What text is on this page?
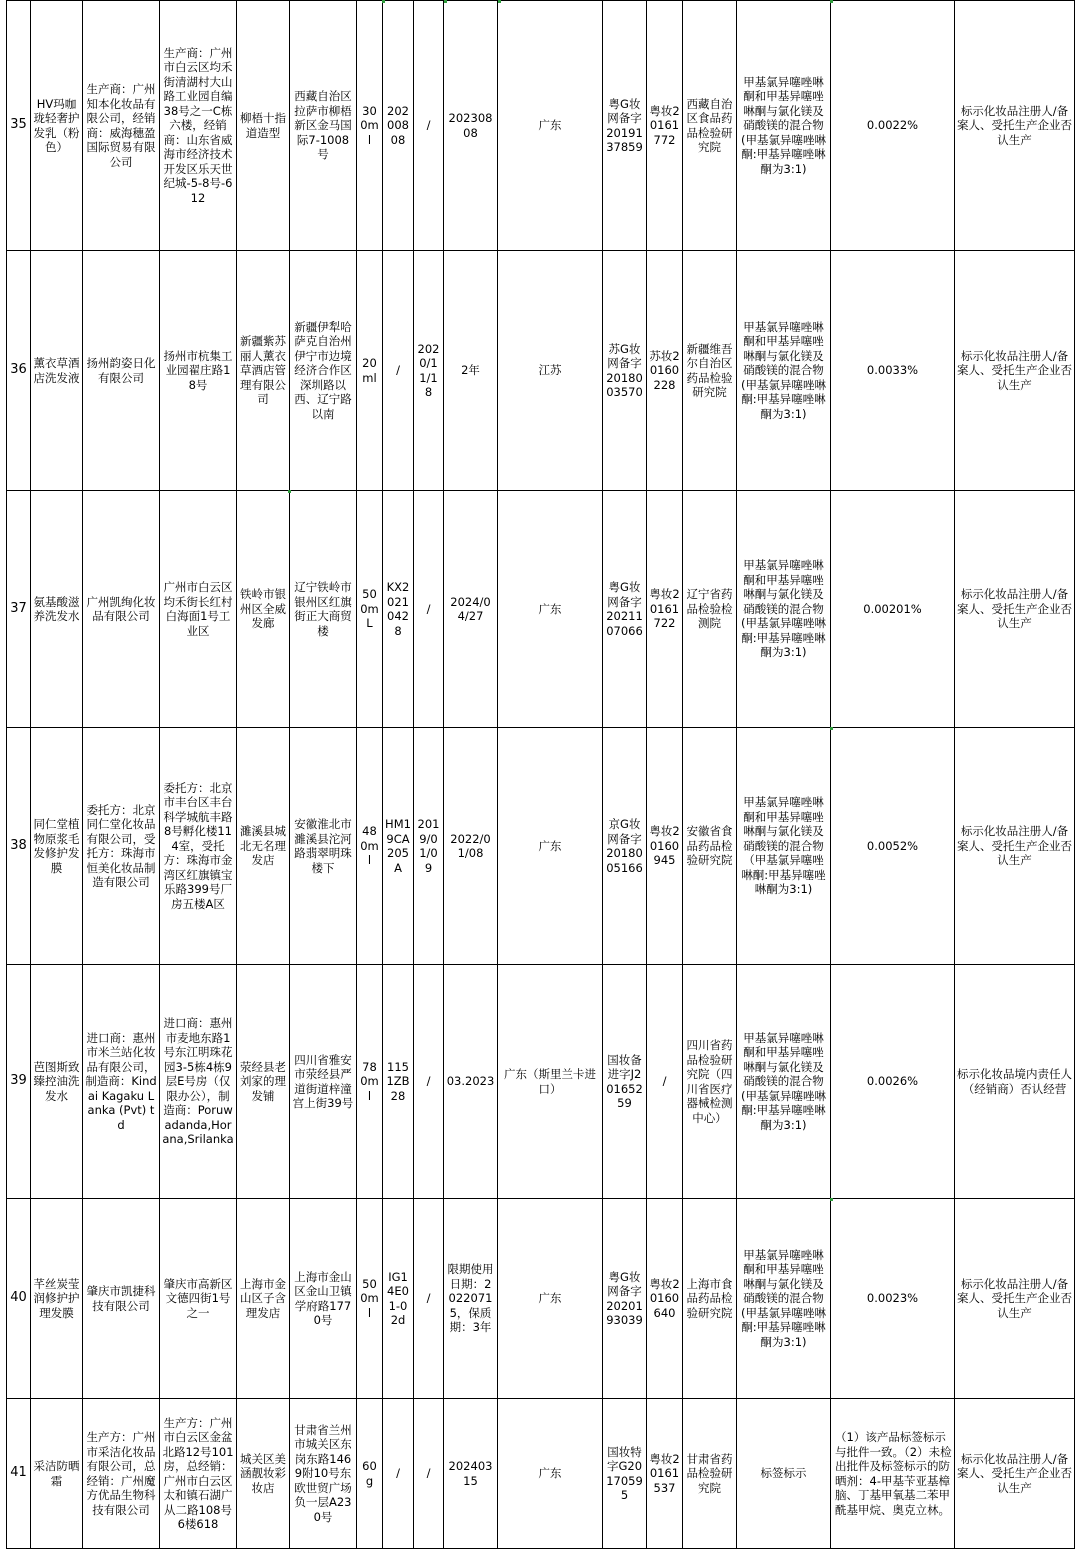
35	HV玛咖珑轻奢护发乳（粉色）	生产商：广州知本化妆品有限公司，经销商：威海穗盈国际贸易有限公司	生产商：广州市白云区均禾街清湖村大山路工业园自编38号之一C栋六楼，经销商：山东省威海市经济技术开发区乐天世纪城-5-8号-612	柳梧十指道造型	西藏自治区拉萨市柳梧新区金马国际7-1008号	300ml	20200808	/	20230808	广东	粤G妆网备字2019137859	粤妆20161772	西藏自治区食品药品检验研究院	甲基氯异噻唑啉酮和甲基异噻唑啉酮与氯化镁及硝酸镁的混合物(甲基氯异噻唑啉酮:甲基异噻唑啉酮为3:1)	0.0022%	标示化妆品注册人/备案人、受托生产企业否认生产
36	薰衣草酒店洗发液	扬州韵姿日化有限公司	扬州市杭集工业园翟庄路18号	新疆紫苏丽人薰衣草酒店管理有限公司	新疆伊犁哈萨克自治州伊宁市边境经济合作区深圳路以西、辽宁路以南	20ml	/	2020/11/18	2年	江苏	苏G妆网备字2018003570	苏妆20160228	新疆维吾尔自治区药品检验研究院	甲基氯异噻唑啉酮和甲基异噻唑啉酮与氯化镁及硝酸镁的混合物(甲基氯异噻唑啉酮:甲基异噻唑啉酮为3:1)	0.0033%	标示化妆品注册人/备案人、受托生产企业否认生产
37	氨基酸滋养洗发水	广州凯绚化妆品有限公司	广州市白云区均禾街长红村白海面1号工业区	铁岭市银州区全威发廊	辽宁铁岭市银州区红旗街正大商贸楼	500mL	KX20210428	/	2024/04/27	广东	粤G妆网备字2021107066	粤妆20161722	辽宁省药品检验检测院	甲基氯异噻唑啉酮和甲基异噻唑啉酮与氯化镁及硝酸镁的混合物(甲基氯异噻唑啉酮:甲基异噻唑啉酮为3:1)	0.00201%	标示化妆品注册人/备案人、受托生产企业否认生产
38	同仁堂植物原浆毛发修护发膜	委托方：北京同仁堂化妆品有限公司，受托方：珠海市恒美化妆品制造有限公司	委托方：北京市丰台区丰台科学城航丰路8号孵化楼114室，受托方：珠海市金湾区红旗镇宝乐路399号厂房五楼A区	濉溪县城北无名理发店	安徽淮北市濉溪县沱河路翡翠明珠楼下	480ml	HM19CA205A	2019/01/09	2022/01/08	广东	京G妆网备字2018005166	粤妆20160945	安徽省食品药品检验研究院	甲基氯异噻唑啉酮和甲基异噻唑啉酮与氯化镁及硝酸镁的混合物（甲基氯异噻唑啉酮:甲基异噻唑啉酮为3:1)	0.0052%	标示化妆品注册人/备案人、受托生产企业否认生产
39	芭图斯致臻控油洗发水	进口商：惠州市米兰站化妆品有限公司，制造商：Kindai Kagaku Lanka (Pvt) td	进口商：惠州市麦地东路1号东江明珠花园3-5栋4栋9层E号房（仅限办公），制造商：Poruwadanda,Horana,Srilanka	荥经县老刘家的理发铺	四川省雅安市荥经县严道街道梓潼宫上街39号	780ml	1151ZB28	/	03.2023	广东（斯里兰卡进口）	国妆备进字J20165259	/	四川省药品检验研究院（四川省医疗器械检测中心）	甲基氯异噻唑啉酮和甲基异噻唑啉酮与氯化镁及硝酸镁的混合物(甲基氯异噻唑啉酮:甲基异噻唑啉酮为3:1)	0.0026%	标示化妆品境内责任人（经销商）否认经营
40	芊丝炭莹润修护护理发膜	肇庆市凯捷科技有限公司	肇庆市高新区文德四街1号之一	上海市金山区子含理发店	上海市金山区金山卫镇学府路1770号	500ml	IG14E01-02d	/	限期使用日期：20220715，保质期：3年	广东	粤G妆网备字2020193039	粤妆20160640	上海市食品药品检验研究院	甲基氯异噻唑啉酮和甲基异噻唑啉酮与氯化镁及硝酸镁的混合物(甲基氯异噻唑啉酮:甲基异噻唑啉酮为3:1)	0.0023%	标示化妆品注册人/备案人、受托生产企业否认生产
41	采洁防晒霜	生产方：广州市采洁化妆品有限公司，总经销：广州魔方优品生物科技有限公司	生产方：广州市白云区金盆北路12号101房，总经销：广州市白云区太和镇石湖广从二路108号6楼618	城关区美涵靓妆彩妆店	甘肃省兰州市城关区东岗东路1469附10号东欧世贸广场负一层A230号	60g	/	/	20240315	广东	国妆特字G20170595	粤妆20161537	甘肃省药品检验研究院	标签标示	（1）该产品标签标示与批件一致。（2）未检出批件及标签标示的防晒剂：4-甲基苄亚基樟脑、丁基甲氧基二苯甲酰基甲烷、奥克立林。	标示化妆品注册人/备案人、受托生产企业否认生产
